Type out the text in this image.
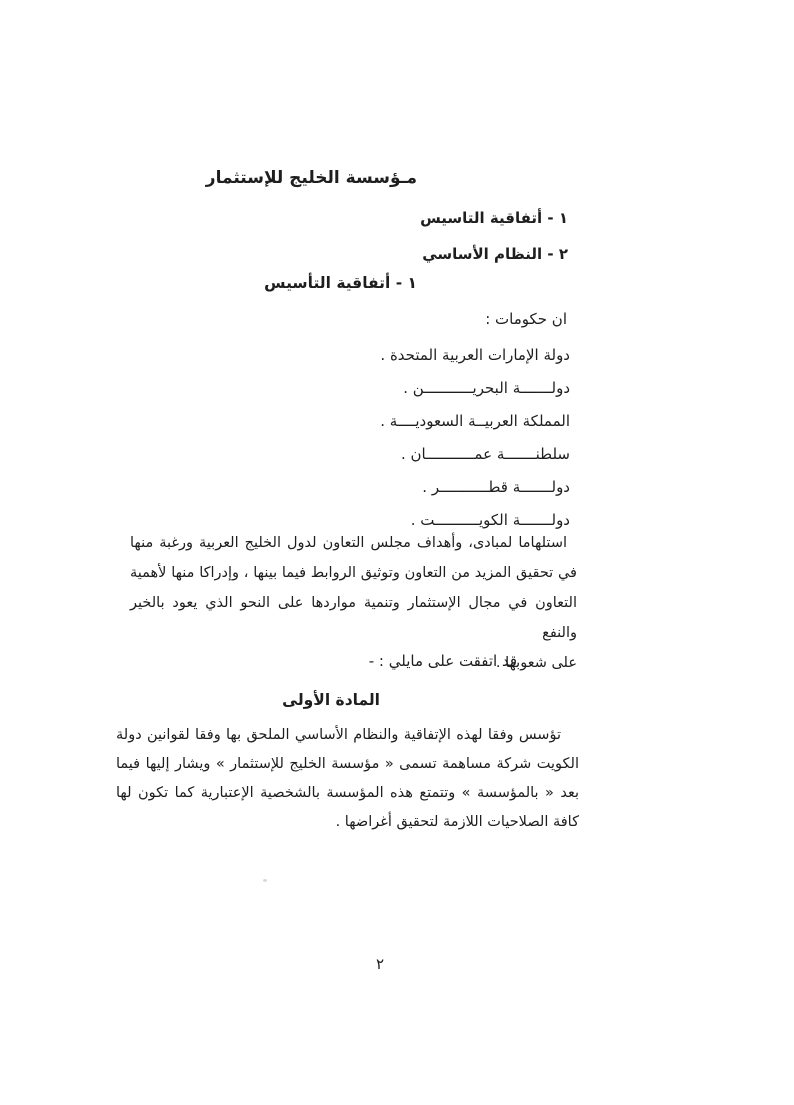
مـؤسسة الخليج للإستثمار
١ - أتفاقية التاسيس
٢ - النظام الأساسي
١ - أتفاقية التأسيس
ان حكومات :
دولة الإمارات العربية المتحدة .
دولـــــــة البحريـــــــــــن .
المملكة العربيــة السعوديــــة .
سلطنـــــــة عمـــــــــــان .
دولـــــــة قطـــــــــــر .
دولـــــــة الكويــــــــــت .
استلهاما لمبادى، وأهداف مجلس التعاون لدول الخليج العربية ورغبة منها
في تحقيق المزيد من التعاون وتوثيق الروابط فيما بينها ، وإدراكا منها لأهمية
التعاون في مجال الإستثمار وتنمية مواردها على النحو الذي يعود بالخير والنفع
على شعوبها .
قد اتفقت على مايلي : -
المادة الأولى
تؤسس وفقا لهذه الإتفاقية والنظام الأساسي الملحق بها وفقا لقوانين دولة
الكويت شركة مساهمة تسمى « مؤسسة الخليج للإستثمار » ويشار إليها فيما
بعد « بالمؤسسة » وتتمتع هذه المؤسسة بالشخصية الإعتبارية كما تكون لها
كافة الصلاحيات اللازمة لتحقيق أغراضها .
٢
